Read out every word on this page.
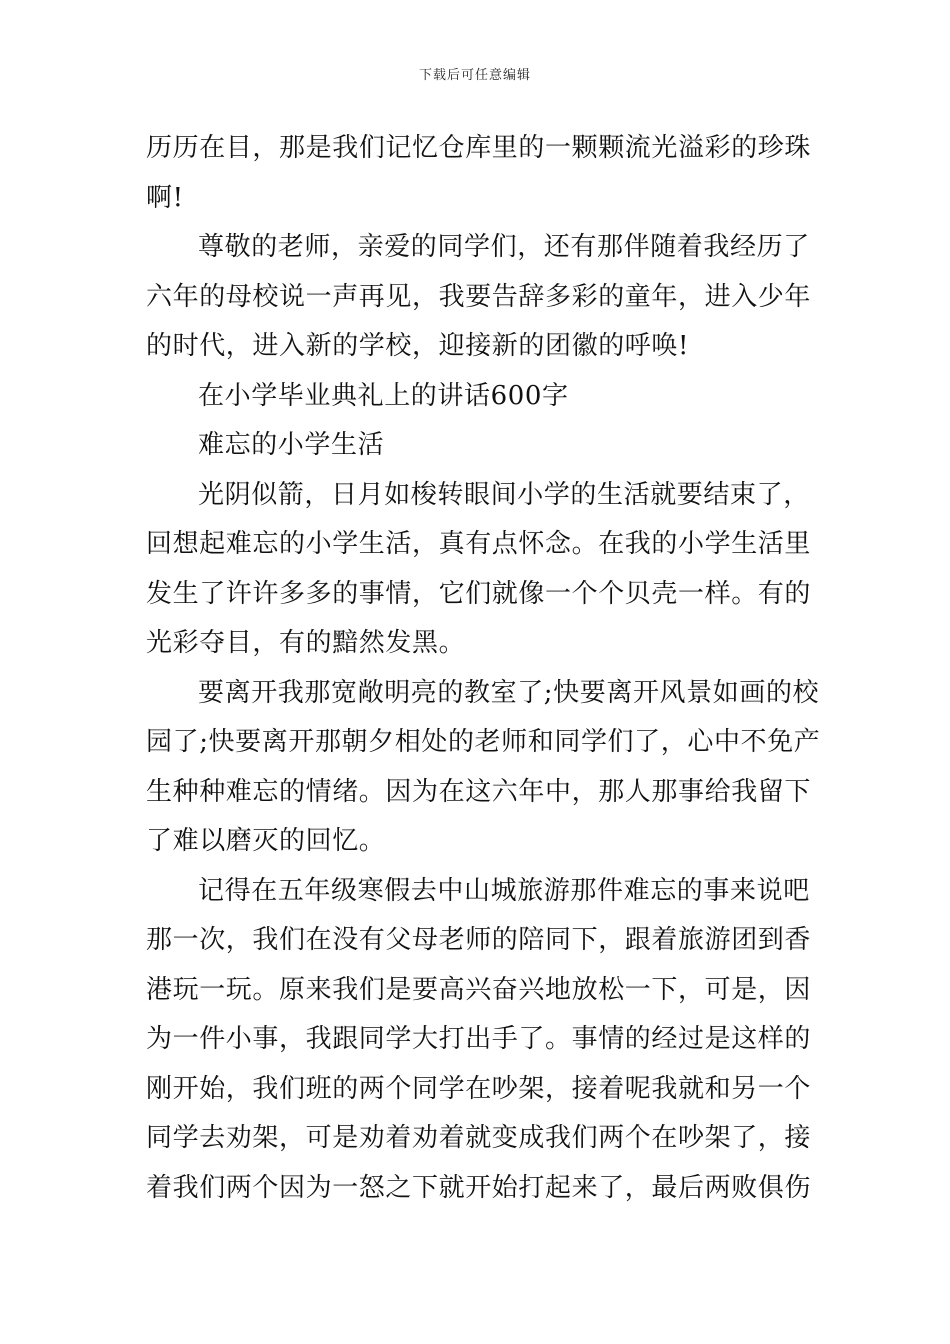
下载后可任意编辑
历历在目，那是我们记忆仓库里的一颗颗流光溢彩的珍珠
啊!
尊敬的老师，亲爱的同学们，还有那伴随着我经历了
六年的母校说一声再见，我要告辞多彩的童年，进入少年
的时代，进入新的学校，迎接新的团徽的呼唤!
在小学毕业典礼上的讲话600字
难忘的小学生活
光阴似箭，日月如梭转眼间小学的生活就要结束了，
回想起难忘的小学生活，真有点怀念。在我的小学生活里
发生了许许多多的事情，它们就像一个个贝壳一样。有的
光彩夺目，有的黯然发黑。
要离开我那宽敞明亮的教室了;快要离开风景如画的校
园了;快要离开那朝夕相处的老师和同学们了，心中不免产
生种种难忘的情绪。因为在这六年中，那人那事给我留下
了难以磨灭的回忆。
记得在五年级寒假去中山城旅游那件难忘的事来说吧
那一次，我们在没有父母老师的陪同下，跟着旅游团到香
港玩一玩。原来我们是要高兴奋兴地放松一下，可是，因
为一件小事，我跟同学大打出手了。事情的经过是这样的
刚开始，我们班的两个同学在吵架，接着呢我就和另一个
同学去劝架，可是劝着劝着就变成我们两个在吵架了，接
着我们两个因为一怒之下就开始打起来了，最后两败俱伤
